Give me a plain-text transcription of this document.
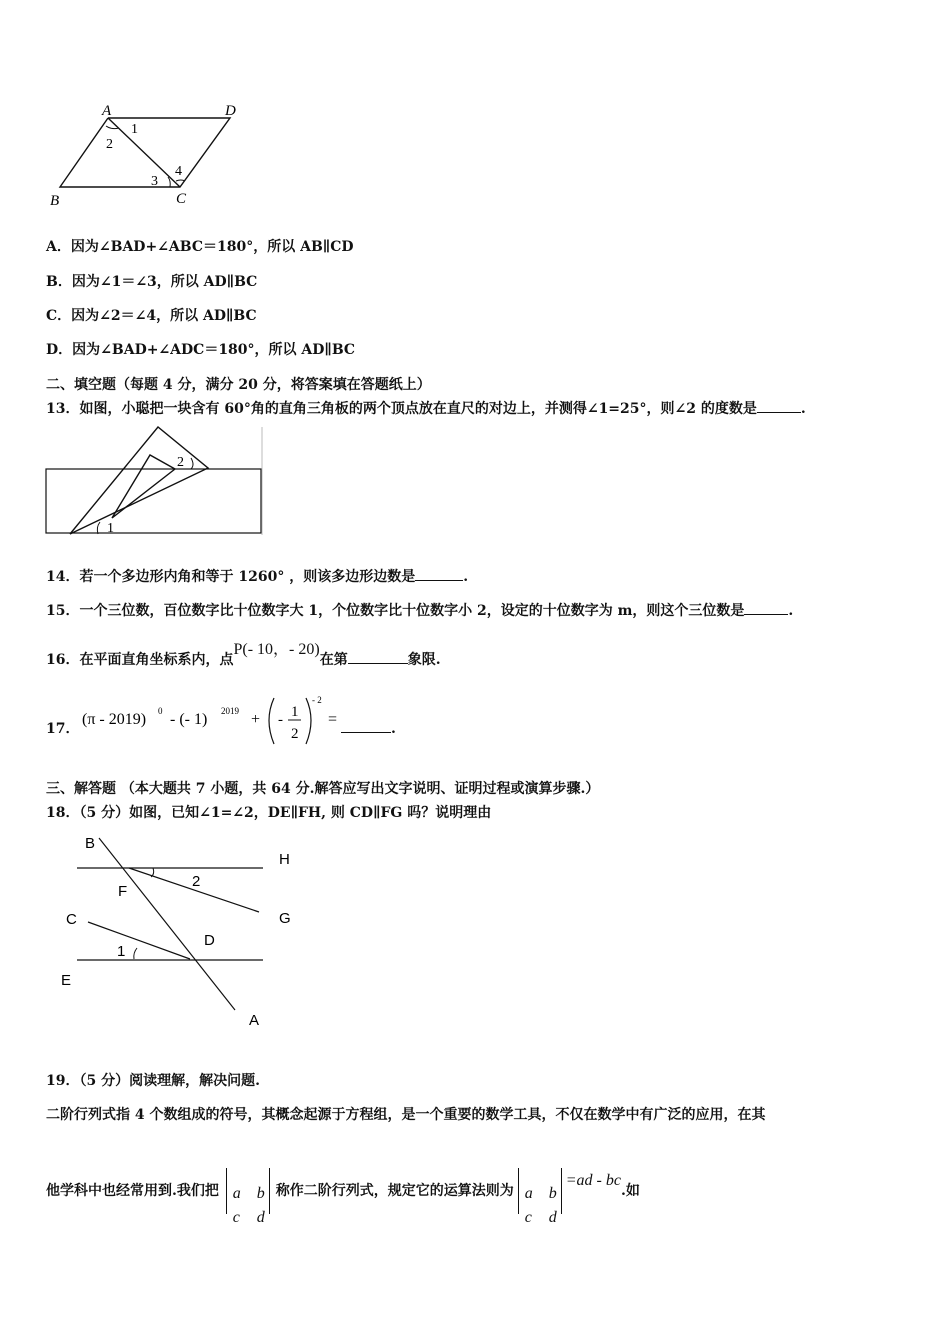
A	D
B	C
1
2
3
4
A．因为∠BAD+∠ABC＝180°，所以 AB∥CD
B．因为∠1＝∠3，所以 AD∥BC
C．因为∠2＝∠4，所以 AD∥BC
D．因为∠BAD+∠ADC＝180°，所以 AD∥BC
二、填空题（每题 4 分，满分 20 分，将答案填在答题纸上）
13．如图，小聪把一块含有 60°角的直角三角板的两个顶点放在直尺的对边上，并测得∠1=25°，则∠2 的度数是	.
2
1
14．若一个多边形内角和等于 1260° ，则该多边形边数是	.
15．一个三位数，百位数字比十位数字大 1，个位数字比十位数字小 2，设定的十位数字为 m，则这个三位数是	.
16．在平面直角坐标系内，点P(- 10，- 20)在第	象限.
17．
(π - 2019) 0 - (- 1) 2019 + - 1
2
- 2
=
.
三、解答题 （本大题共 7 小题，共 64 分.解答应写出文字说明、证明过程或演算步骤.）
18．（5 分）如图，已知∠1=∠2，DE∥FH, 则 CD∥FG 吗？说明理由
B
H
F
2
C	G
D
1
E
A
19．（5 分）阅读理解，解决问题.
二阶行列式指 4 个数组成的符号，其概念起源于方程组，是一个重要的数学工具，不仅在数学中有广泛的应用，在其
他学科中也经常用到.我们把 a b
c d
称作二阶行列式，规定它的运算法则为 a b
c d
=ad - bc.如
